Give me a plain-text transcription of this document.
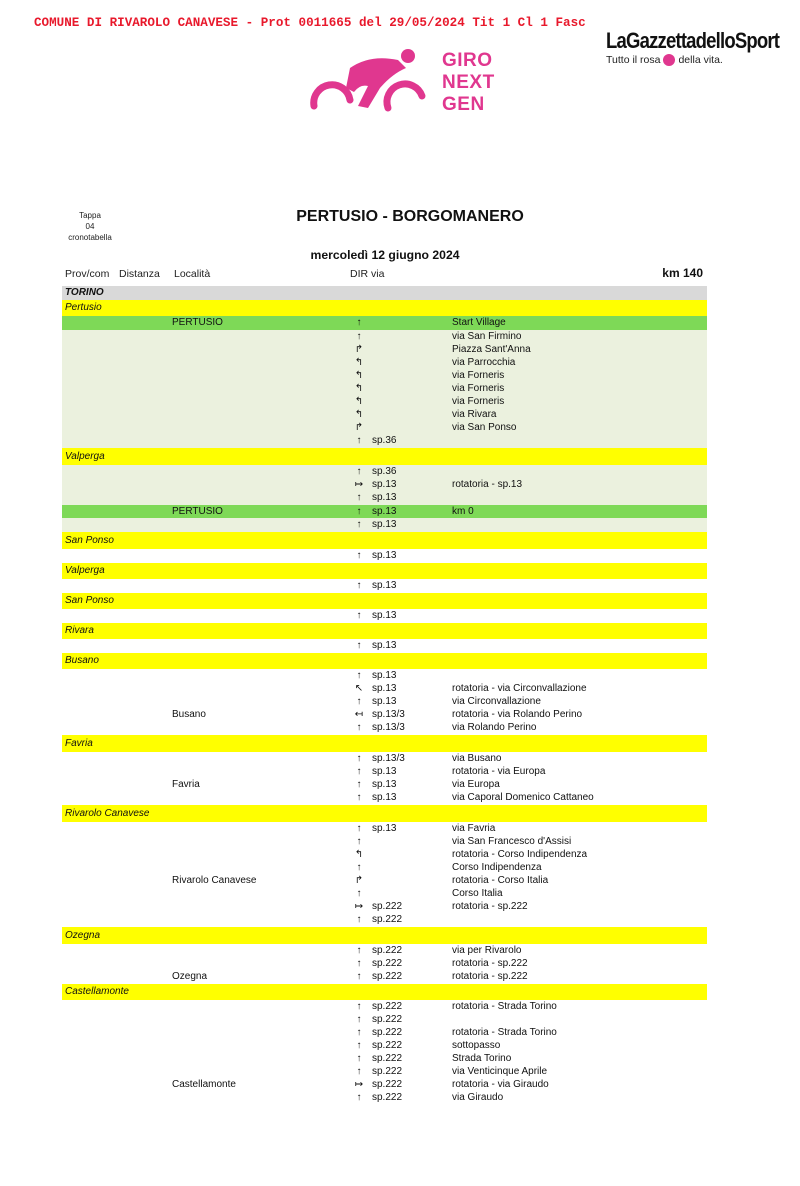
COMUNE DI RIVAROLO CANAVESE - Prot 0011665 del 29/05/2024 Tit 1 Cl 1 Fasc
LaGazzettadelloSport
Tutto il rosa della vita.
GIRO
NEXT
GEN
Tappa
04
cronotabella
PERTUSIO - BORGOMANERO
mercoledì 12 giugno 2024
Prov/com Distanza Località	DIR via	km 140
TORINO
Pertusio
PERTUSIO	↑	Start Village
↑	via San Firmino
↱	Piazza Sant'Anna
↰	via Parrocchia
↰	via Forneris
↰	via Forneris
↰	via Forneris
↰	via Rivara
↱	via San Ponso
↑	sp.36
Valperga
↑	sp.36
↦ sp.13	rotatoria - sp.13
↑	sp.13
PERTUSIO	↑	sp.13	km 0
↑	sp.13
San Ponso
↑	sp.13
Valperga
↑	sp.13
San Ponso
↑	sp.13
Rivara
↑	sp.13
Busano
↑	sp.13
↖ sp.13	rotatoria - via Circonvallazione
↑	sp.13	via Circonvallazione
Busano	↤ sp.13/3	rotatoria - via Rolando Perino
↑	sp.13/3	via Rolando Perino
Favria
↑	sp.13/3	via Busano
↑	sp.13	rotatoria - via Europa
Favria	↑	sp.13	via Europa
↑	sp.13	via Caporal Domenico Cattaneo
Rivarolo Canavese
↑	sp.13	via Favria
↑	via San Francesco d'Assisi
↰	rotatoria - Corso Indipendenza
↑	Corso Indipendenza
Rivarolo Canavese	↱	rotatoria - Corso Italia
↑	Corso Italia
↦ sp.222	rotatoria - sp.222
↑	sp.222
Ozegna
↑	sp.222	via per Rivarolo
↑	sp.222	rotatoria - sp.222
Ozegna	↑	sp.222	rotatoria - sp.222
Castellamonte
↑	sp.222	rotatoria - Strada Torino
↑	sp.222
↑	sp.222	rotatoria - Strada Torino
↑	sp.222	sottopasso
↑	sp.222	Strada Torino
↑	sp.222	via Venticinque Aprile
Castellamonte	↦ sp.222	rotatoria - via Giraudo
↑	sp.222	via Giraudo
